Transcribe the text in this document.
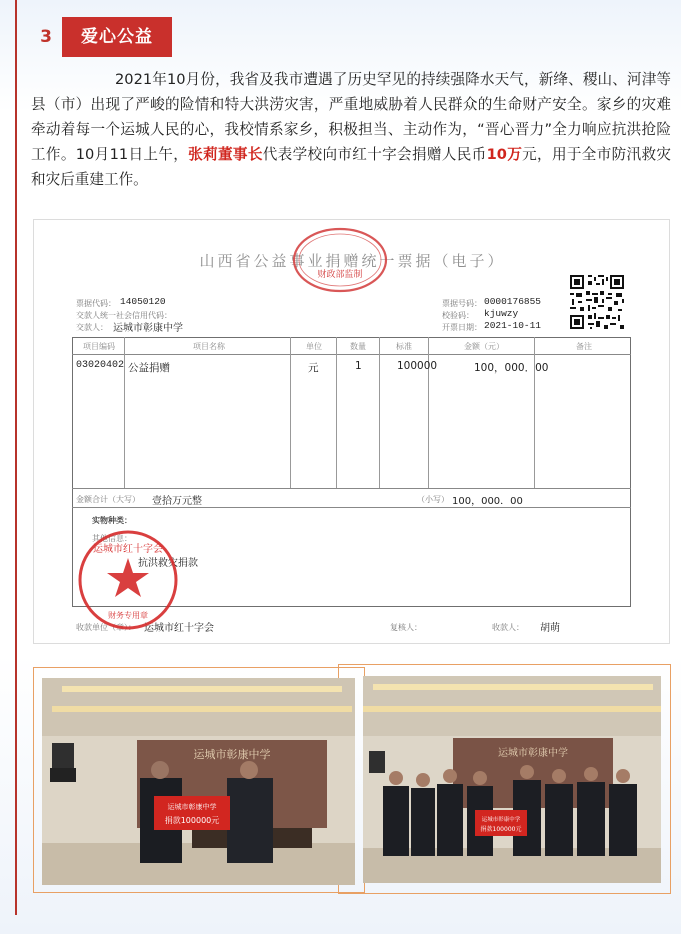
3	爱心公益
2021年10月份，我省及我市遭遇了历史罕见的持续强降水天气，新绛、稷山、河津等县（市）出现了严峻的险情和特大洪涝灾害，严重地威胁着人民群众的生命财产安全。家乡的灾难牵动着每一个运城人民的心，我校情系家乡，积极担当、主动作为，“晋心晋力”全力响应抗洪抢险工作。10月11日上午，张莉董事长代表学校向市红十字会捐赠人民币10万元，用于全市防汛救灾和灾后重建工作。
山西省公益事业捐赠统一票据（电子）
财政部监制
票据代码： 14050120
交款人统一社会信用代码：
交款人： 运城市彰康中学
票据号码： 0000176855
校验码： kjuwzy
开票日期： 2021-10-11
项目编码	项目名称	单位	数量	标准	金额（元）	备注
03020402 公益捐赠	元	1	100000	100，000．00
金额合计（大写） 壹拾万元整	（小写） 100，000．00
实物种类：
其他信息：
抗洪救灾捐款
收款单位（章）： 运城市红十字会	复核人：	收款人： 胡萌
运城市红十字会
财务专用章
运城市彰康中学
运城市彰康中学
捐款100000元
运城市彰康中学
运城市彰康中学
捐款100000元
